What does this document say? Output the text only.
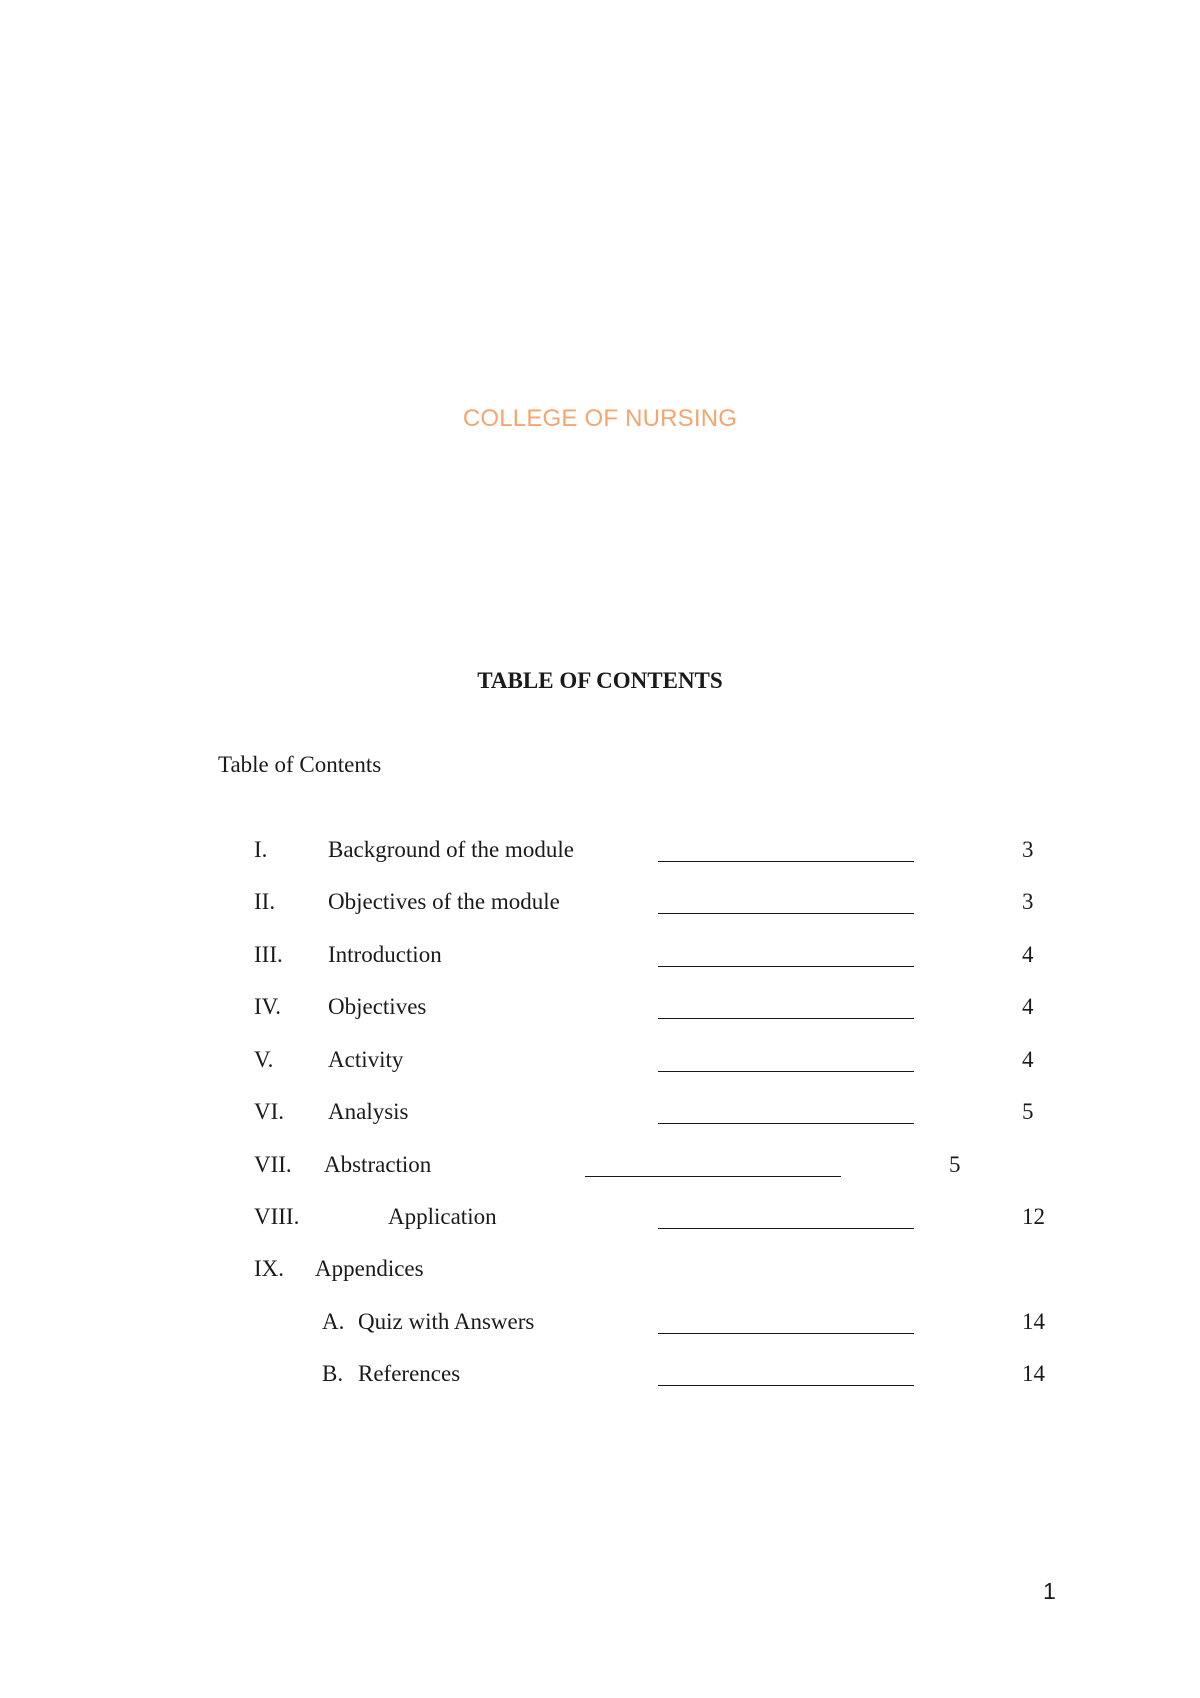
COLLEGE OF NURSING
TABLE OF CONTENTS
Table of Contents
I.	Background of the module	3
II. Objectives of the module	3
III. Introduction	4
IV. Objectives	4
V. Activity	4
VI. Analysis	5
VII. Abstraction	5
VIII.	Application	12
IX. Appendices
A. Quiz with Answers	14
B. References	14
1
